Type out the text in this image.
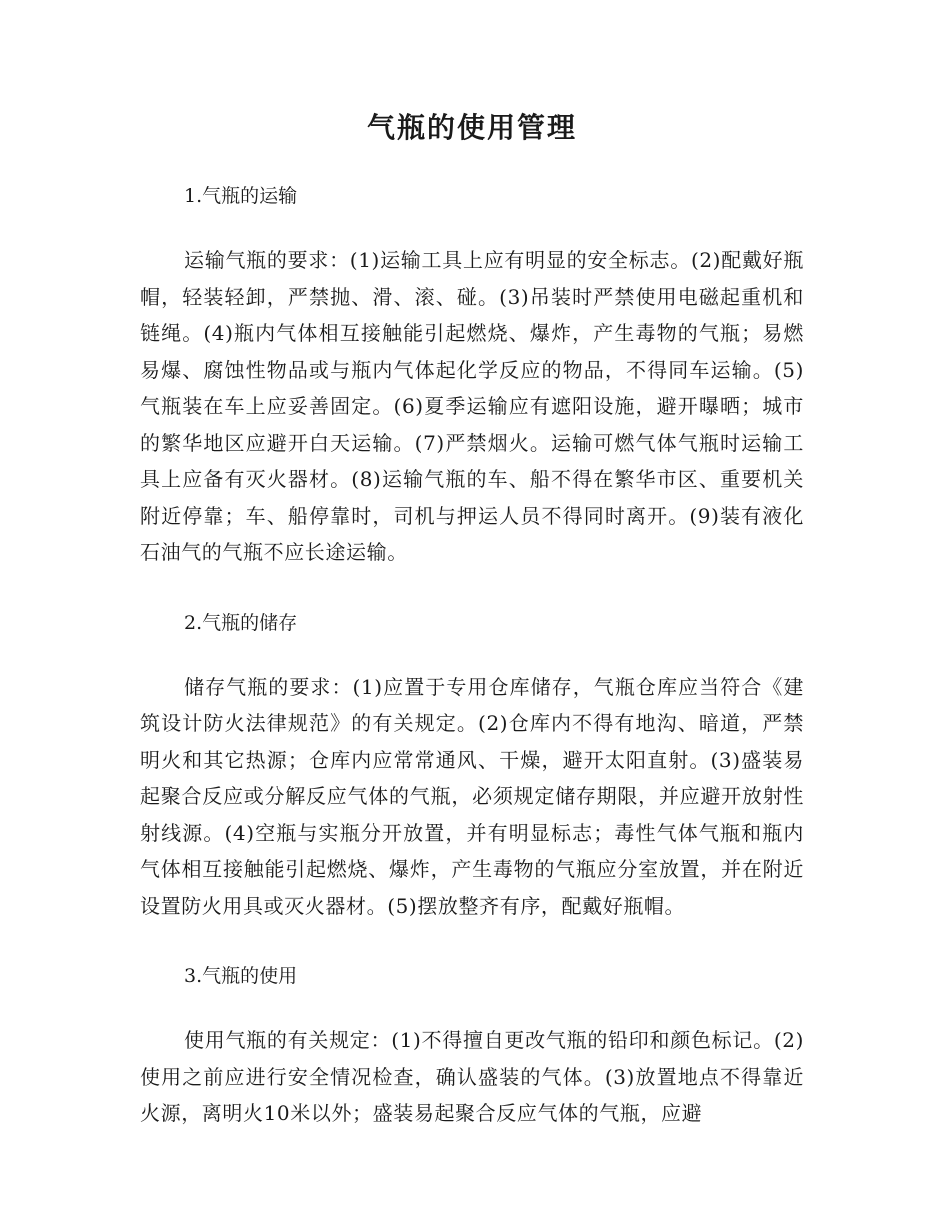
气瓶的使用管理

1.气瓶的运输

运输气瓶的要求：(1)运输工具上应有明显的安全标志。(2)配戴好瓶帽，轻装轻卸，严禁抛、滑、滚、碰。(3)吊装时严禁使用电磁起重机和链绳。(4)瓶内气体相互接触能引起燃烧、爆炸，产生毒物的气瓶；易燃易爆、腐蚀性物品或与瓶内气体起化学反应的物品，不得同车运输。(5)气瓶装在车上应妥善固定。(6)夏季运输应有遮阳设施，避开曝晒；城市的繁华地区应避开白天运输。(7)严禁烟火。运输可燃气体气瓶时运输工具上应备有灭火器材。(8)运输气瓶的车、船不得在繁华市区、重要机关附近停靠；车、船停靠时，司机与押运人员不得同时离开。(9)装有液化石油气的气瓶不应长途运输。

2.气瓶的储存

储存气瓶的要求：(1)应置于专用仓库储存，气瓶仓库应当符合《建筑设计防火法律规范》的有关规定。(2)仓库内不得有地沟、暗道，严禁明火和其它热源；仓库内应常常通风、干燥，避开太阳直射。(3)盛装易起聚合反应或分解反应气体的气瓶，必须规定储存期限，并应避开放射性射线源。(4)空瓶与实瓶分开放置，并有明显标志；毒性气体气瓶和瓶内气体相互接触能引起燃烧、爆炸，产生毒物的气瓶应分室放置，并在附近设置防火用具或灭火器材。(5)摆放整齐有序，配戴好瓶帽。

3.气瓶的使用

使用气瓶的有关规定：(1)不得擅自更改气瓶的铅印和颜色标记。(2)使用之前应进行安全情况检查，确认盛装的气体。(3)放置地点不得靠近火源，离明火10米以外；盛装易起聚合反应气体的气瓶，应避
